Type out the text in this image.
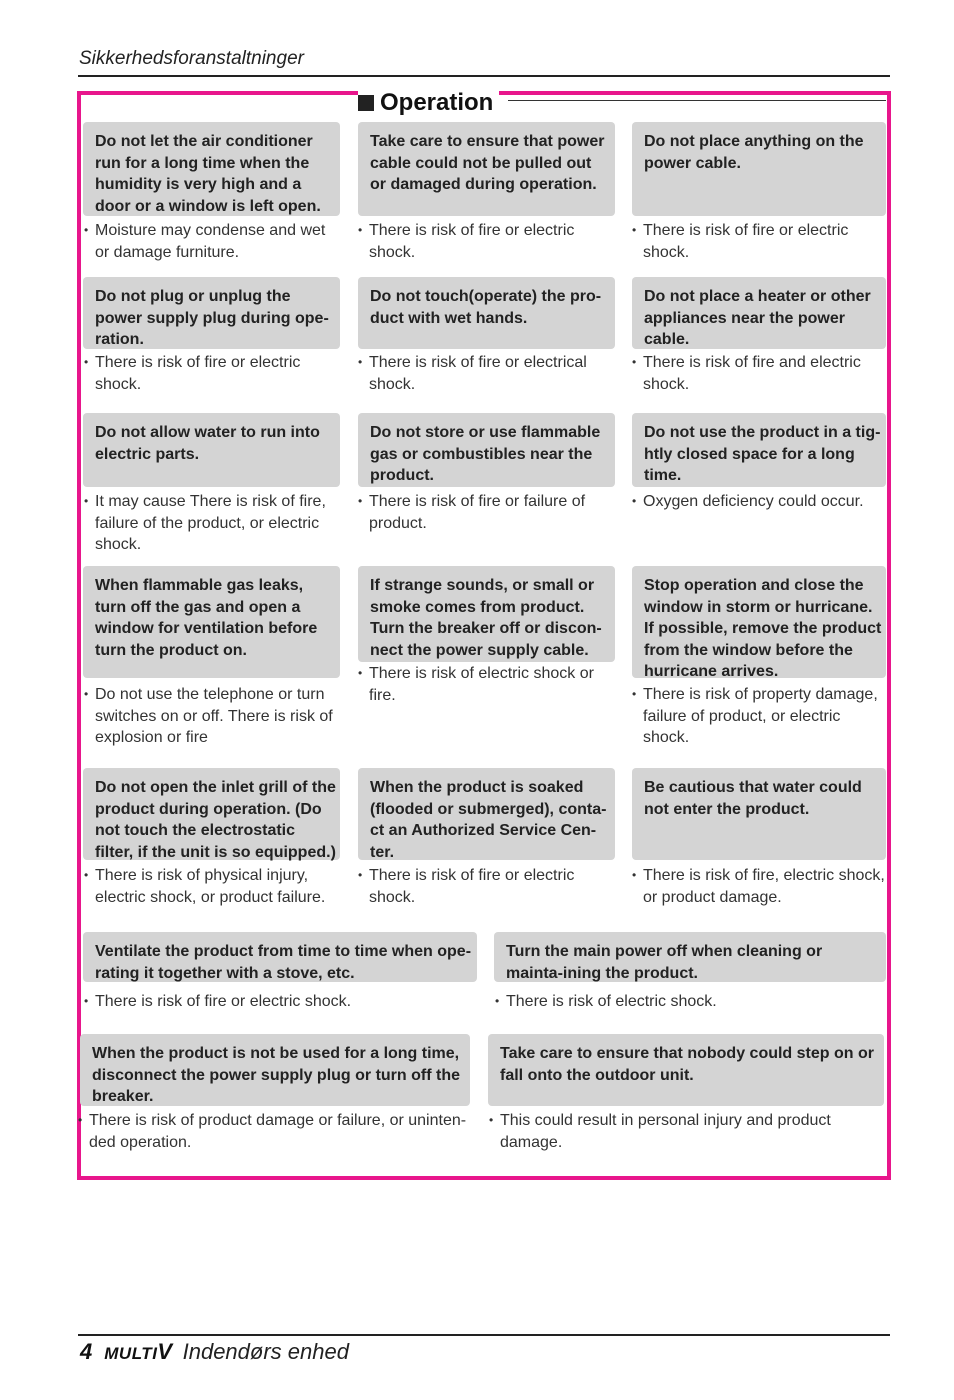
Sikkerhedsforanstaltninger
Operation
Do not let the air conditioner run for a long time when the humidity is very high and a door or a window is left open.
• Moisture may condense and wet or damage furniture.
Take care to ensure that power cable could not be pulled out or damaged during operation.
• There is risk of fire or electric shock.
Do not place anything on the power cable.
• There is risk of fire or electric shock.
Do not plug or unplug the power supply plug during ope-ration.
• There is risk of fire or electric shock.
Do not touch(operate) the pro-duct with wet hands.
• There is risk of fire or electrical shock.
Do not place a heater or other appliances near the power cable.
• There is risk of fire and electric shock.
Do not allow water to run into electric parts.
• It may cause There is risk of fire, failure of the product, or electric shock.
Do not store or use flammable gas or combustibles near the product.
• There is risk of fire or failure of product.
Do not use the product in a tig-htly closed space for a long time.
• Oxygen deficiency could occur.
When flammable gas leaks, turn off the gas and open a window for ventilation before turn the product on.
• Do not use the telephone or turn switches on or off. There is risk of explosion or fire
If strange sounds, or small or smoke comes from product. Turn the breaker off or discon-nect the power supply cable.
• There is risk of electric shock or fire.
Stop operation and close the window in storm or hurricane. If possible, remove the product from the window before the hurricane arrives.
• There is risk of property damage, failure of product, or electric shock.
Do not open the inlet grill of the product during operation. (Do not touch the electrostatic filter, if the unit is so equipped.)
• There is risk of physical injury, electric shock, or product failure.
When the product is soaked (flooded or submerged), conta-ct an Authorized Service Cen-ter.
• There is risk of fire or electric shock.
Be cautious that water could not enter the product.
• There is risk of fire, electric shock, or product damage.
Ventilate the product from time to time when ope-rating it together with a stove, etc.
• There is risk of fire or electric shock.
Turn the main power off when cleaning or mainta-ining the product.
• There is risk of electric shock.
When the product is not be used for a long time, disconnect the power supply plug or turn off the breaker.
• There is risk of product damage or failure, or uninten-ded operation.
Take care to ensure that nobody could step on or fall onto the outdoor unit.
• This could result in personal injury and product damage.
4 MULTIV Indendørs enhed
